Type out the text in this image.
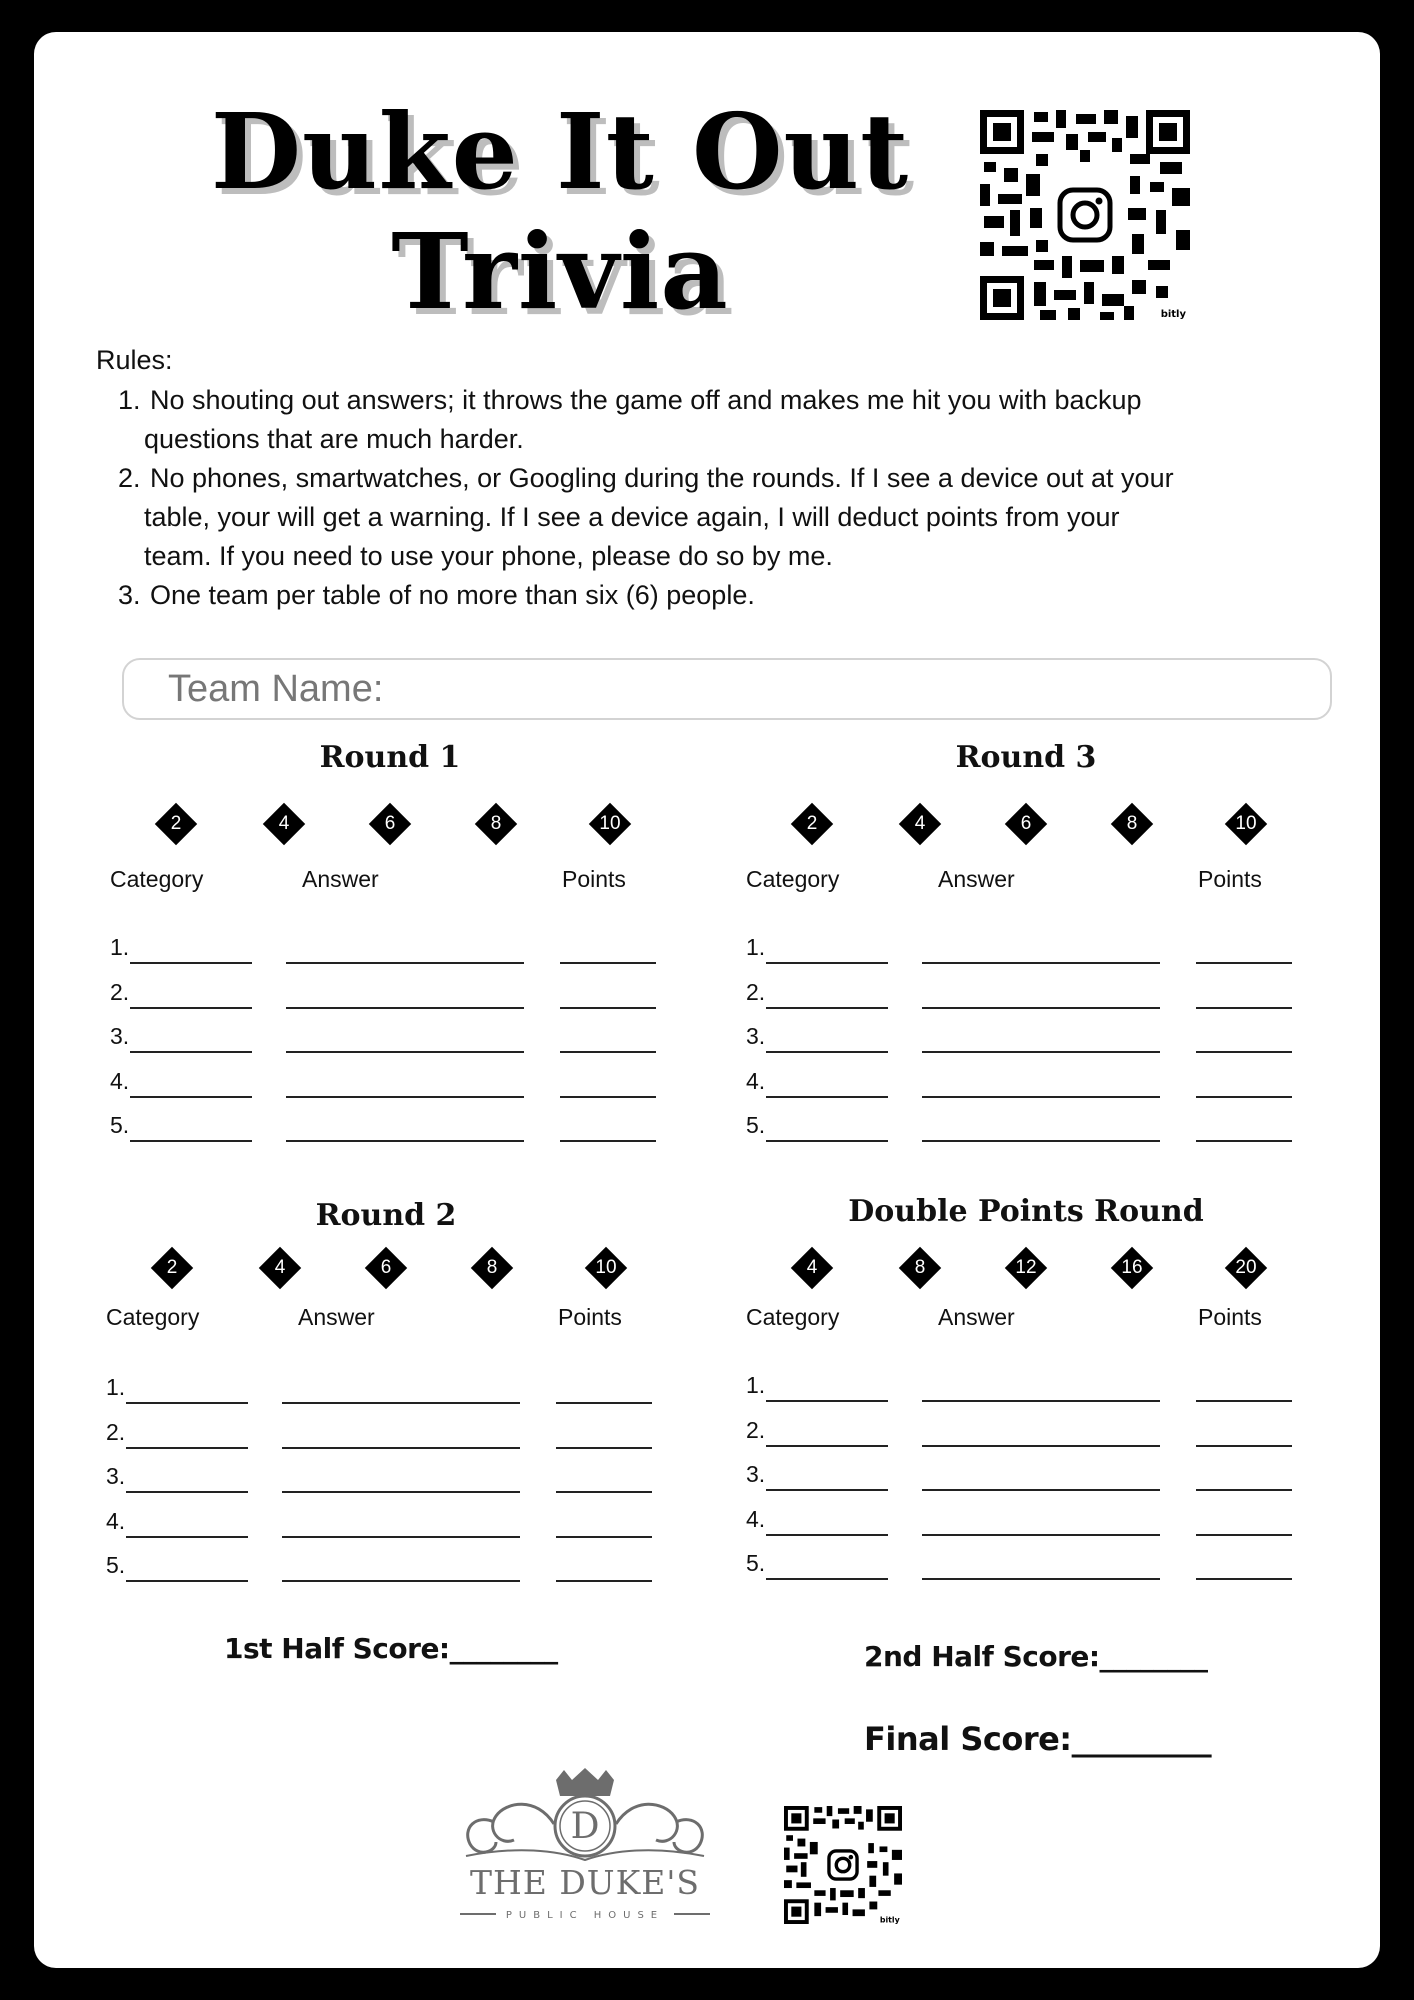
Duke It Out
Trivia	bitly
Rules:
1. No shouting out answers; it throws the game off and makes me hit you with backup
questions that are much harder.
2. No phones, smartwatches, or Googling during the rounds. If I see a device out at your
table, your will get a warning. If I see a device again, I will deduct points from your
team. If you need to use your phone, please do so by me.
3. One team per table of no more than six (6) people.
Team Name:
Round 1
2	4	6	8	10
Category	Answer	Points
1.
2.
3.
4.
5.
Round 3
2	4	6	8	10
Category	Answer	Points
1.
2.
3.
4.
5.
Round 2
2	4	6	8	10
Category	Answer	Points
1.
2.
3.
4.
5.
Double Points Round
4	8	12	16	20
Category	Answer	Points
1.
2.
3.
4.
5.
1st Half Score:________	2nd Half Score:________
Final Score:_________
D
THE DUKE'S
PUBLIC HOUSE	bitly
